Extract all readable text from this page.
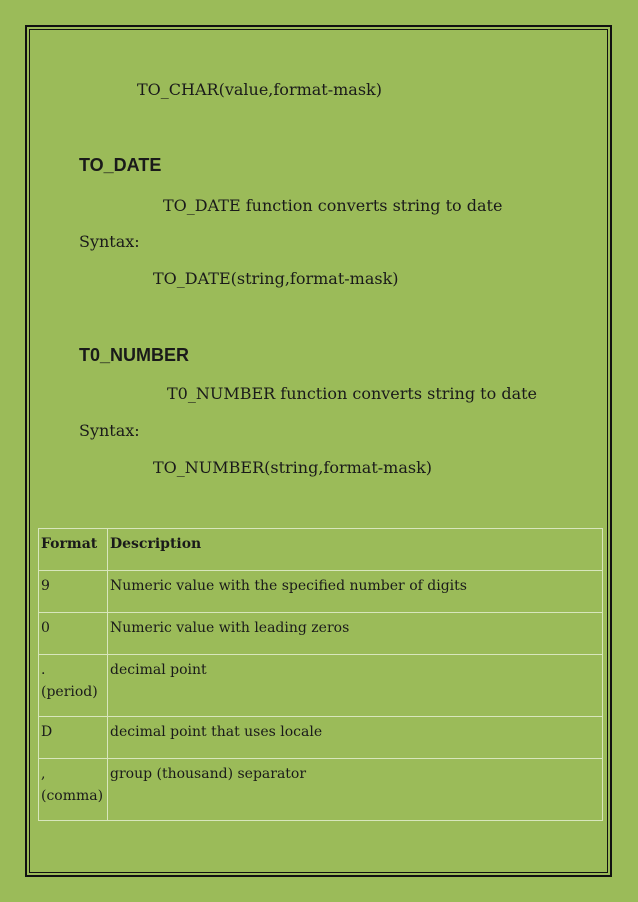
TO_CHAR(value,format-mask)
TO_DATE
TO_DATE function converts string to date
Syntax:
TO_DATE(string,format-mask)
T0_NUMBER
T0_NUMBER function converts string to date
Syntax:
TO_NUMBER(string,format-mask)
Format	Description
9	Numeric value with the specified number of digits
0	Numeric value with leading zeros

.
(period)	decimal point
D	decimal point that uses locale

,
(comma)	group (thousand) separator
